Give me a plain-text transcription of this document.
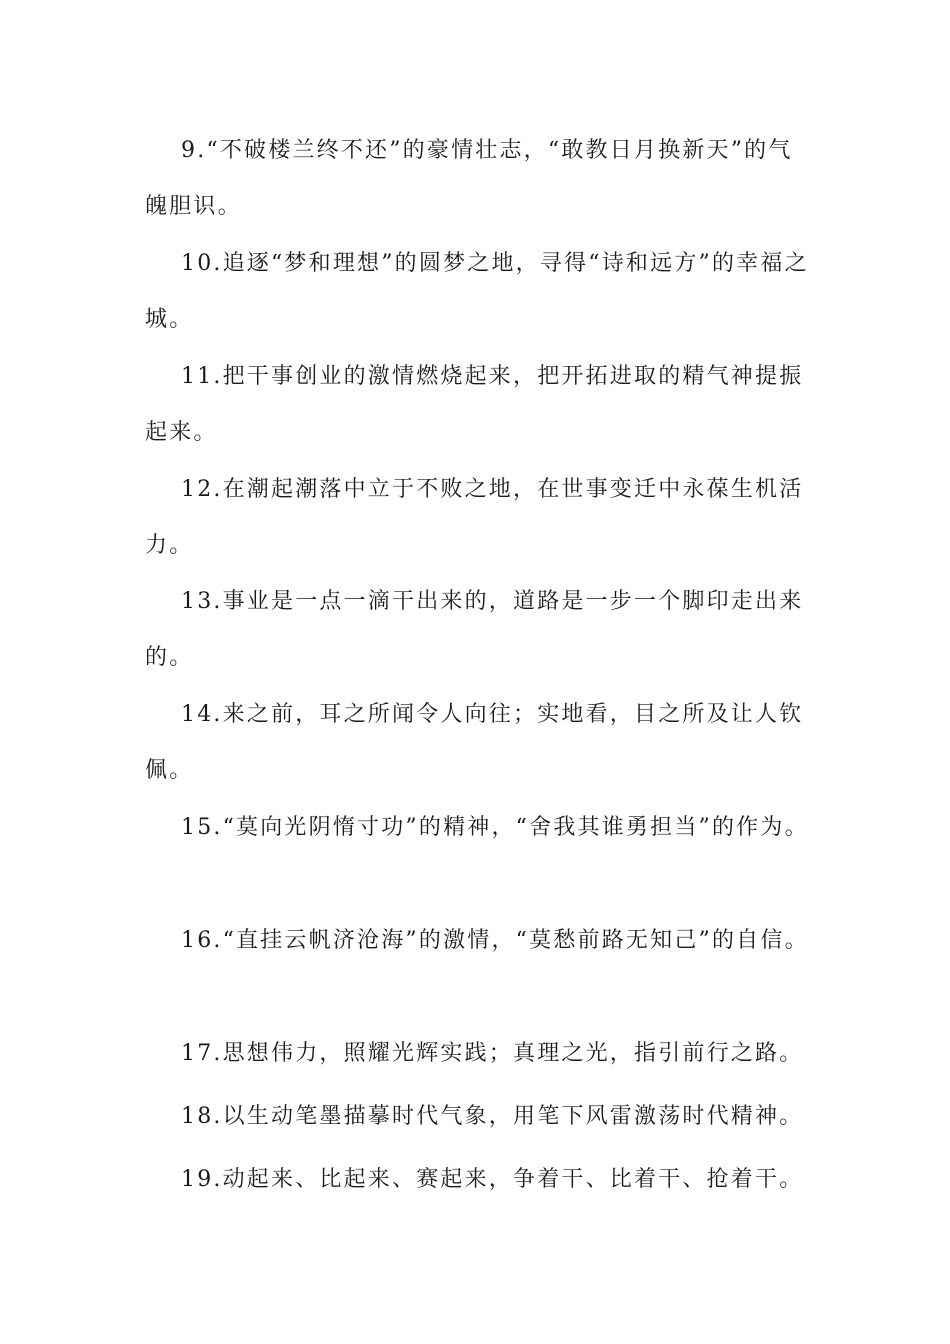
9.“不破楼兰终不还”的豪情壮志，“敢教日月换新天”的气魄胆识。

10.追逐“梦和理想”的圆梦之地，寻得“诗和远方”的幸福之城。

11.把干事创业的激情燃烧起来，把开拓进取的精气神提振起来。

12.在潮起潮落中立于不败之地，在世事变迁中永葆生机活力。

13.事业是一点一滴干出来的，道路是一步一个脚印走出来的。

14.来之前，耳之所闻令人向往；实地看，目之所及让人钦佩。

15.“莫向光阴惰寸功”的精神，“舍我其谁勇担当”的作为。

16.“直挂云帆济沧海”的激情，“莫愁前路无知己”的自信。

17.思想伟力，照耀光辉实践；真理之光，指引前行之路。

18.以生动笔墨描摹时代气象，用笔下风雷激荡时代精神。

19.动起来、比起来、赛起来，争着干、比着干、抢着干。
